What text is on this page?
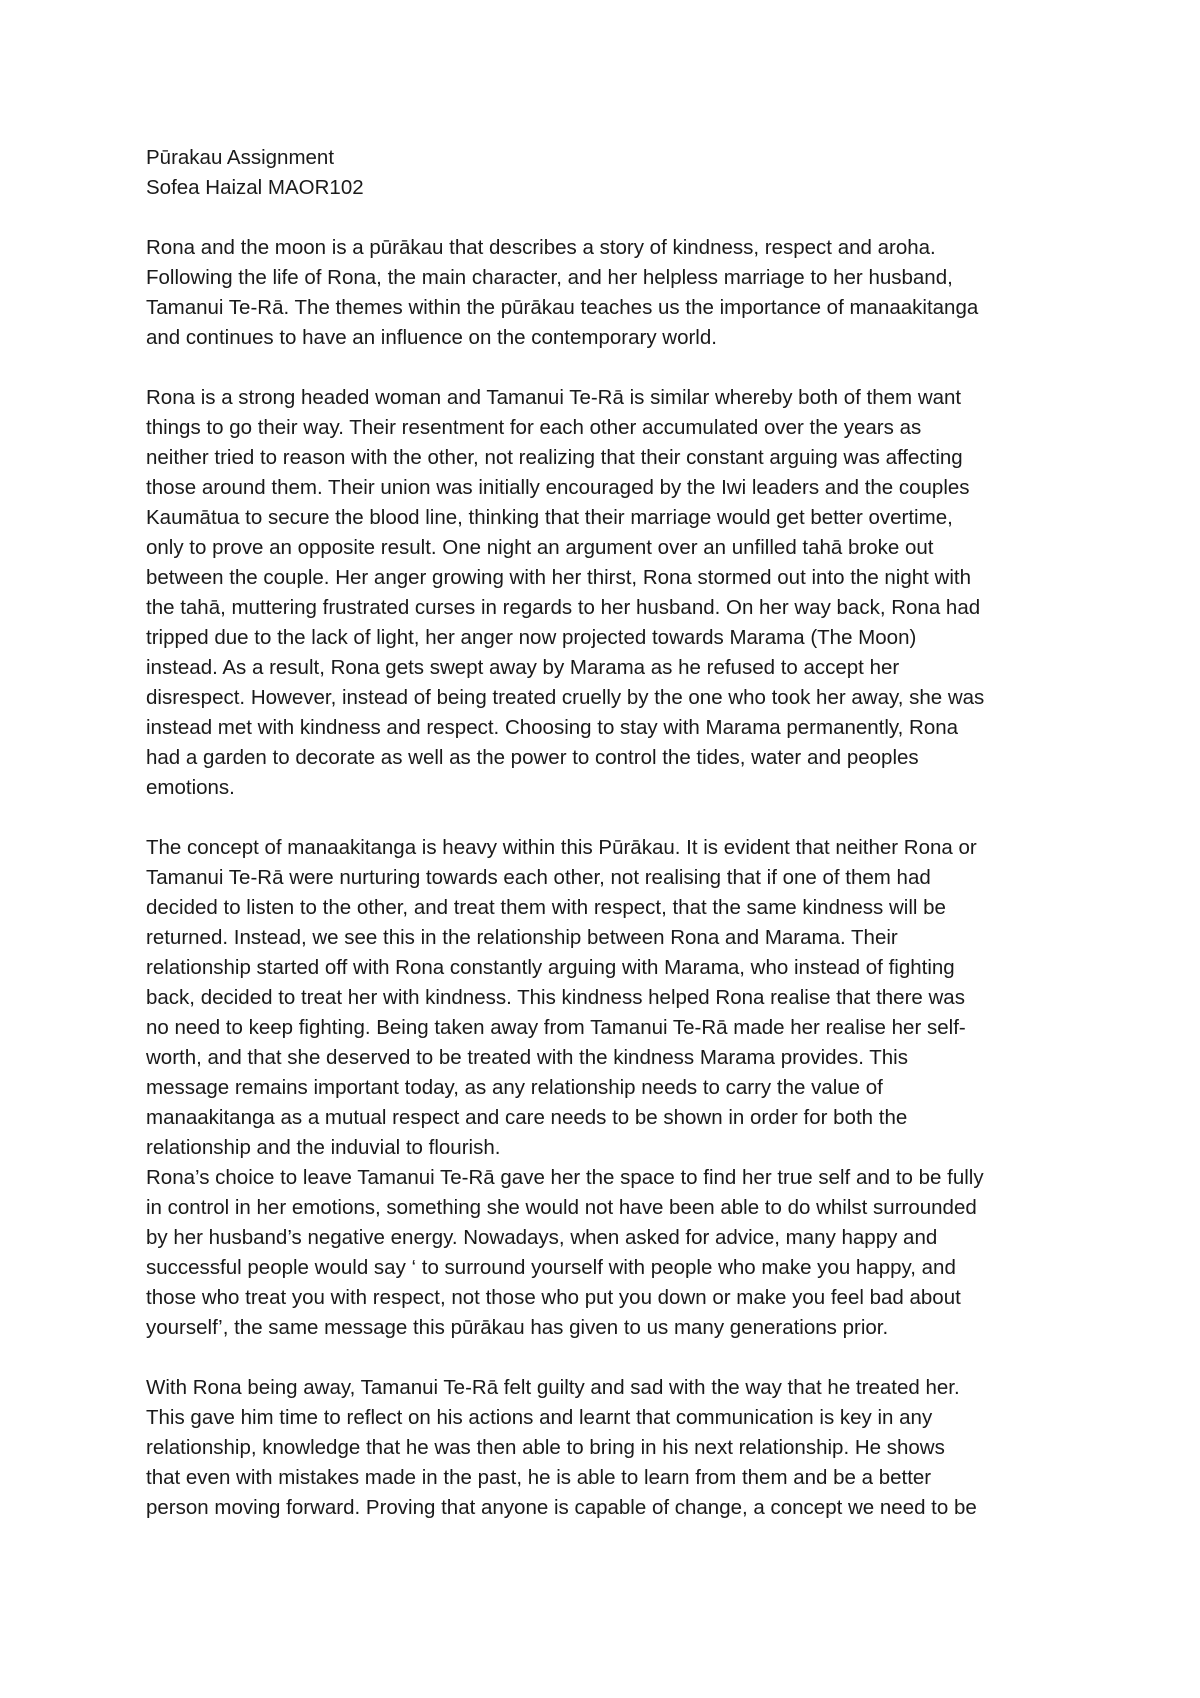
Pūrakau Assignment

Sofea Haizal MAOR102

Rona and the moon is a pūrākau that describes a story of kindness, respect and aroha.
Following the life of Rona, the main character, and her helpless marriage to her husband,
Tamanui Te-Rā. The themes within the pūrākau teaches us the importance of manaakitanga
and continues to have an influence on the contemporary world.

Rona is a strong headed woman and Tamanui Te-Rā is similar whereby both of them want
things to go their way. Their resentment for each other accumulated over the years as
neither tried to reason with the other, not realizing that their constant arguing was affecting
those around them. Their union was initially encouraged by the Iwi leaders and the couples
Kaumātua to secure the blood line, thinking that their marriage would get better overtime,
only to prove an opposite result. One night an argument over an unfilled tahā broke out
between the couple. Her anger growing with her thirst, Rona stormed out into the night with
the tahā, muttering frustrated curses in regards to her husband. On her way back, Rona had
tripped due to the lack of light, her anger now projected towards Marama (The Moon)
instead. As a result, Rona gets swept away by Marama as he refused to accept her
disrespect. However, instead of being treated cruelly by the one who took her away, she was
instead met with kindness and respect. Choosing to stay with Marama permanently, Rona
had a garden to decorate as well as the power to control the tides, water and peoples
emotions.

The concept of manaakitanga is heavy within this Pūrākau. It is evident that neither Rona or
Tamanui Te-Rā were nurturing towards each other, not realising that if one of them had
decided to listen to the other, and treat them with respect, that the same kindness will be
returned. Instead, we see this in the relationship between Rona and Marama. Their
relationship started off with Rona constantly arguing with Marama, who instead of fighting
back, decided to treat her with kindness. This kindness helped Rona realise that there was
no need to keep fighting. Being taken away from Tamanui Te-Rā made her realise her self-
worth, and that she deserved to be treated with the kindness Marama provides. This
message remains important today, as any relationship needs to carry the value of
manaakitanga as a mutual respect and care needs to be shown in order for both the
relationship and the induvial to flourish.

Rona’s choice to leave Tamanui Te-Rā gave her the space to find her true self and to be fully
in control in her emotions, something she would not have been able to do whilst surrounded
by her husband’s negative energy. Nowadays, when asked for advice, many happy and
successful people would say ‘ to surround yourself with people who make you happy, and
those who treat you with respect, not those who put you down or make you feel bad about
yourself’, the same message this pūrākau has given to us many generations prior.

With Rona being away, Tamanui Te-Rā felt guilty and sad with the way that he treated her.
This gave him time to reflect on his actions and learnt that communication is key in any
relationship, knowledge that he was then able to bring in his next relationship. He shows
that even with mistakes made in the past, he is able to learn from them and be a better
person moving forward. Proving that anyone is capable of change, a concept we need to be
